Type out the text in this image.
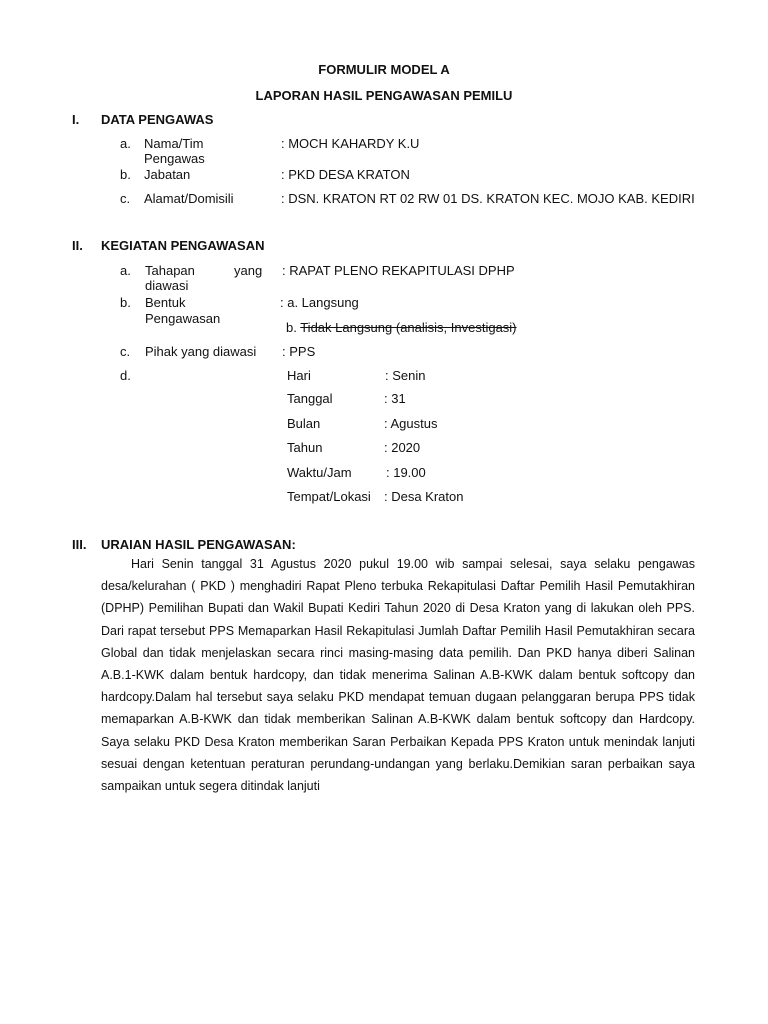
FORMULIR MODEL A
LAPORAN HASIL PENGAWASAN PEMILU
I. DATA PENGAWAS
a. Nama/Tim
Pengawas
: MOCH KAHARDY K.U
b. Jabatan	: PKD DESA KRATON
c. Alamat/Domisili	: DSN. KRATON RT 02 RW 01 DS. KRATON KEC. MOJO KAB. KEDIRI
II. KEGIATAN PENGAWASAN
a. Tahapan	yang
diawasi
: RAPAT PLENO REKAPITULASI DPHP
b. Bentuk
Pengawasan
: a. Langsung
b. Tidak Langsung (analisis, Investigasi)
c. Pihak yang diawasi : PPS
d.	Hari	: Senin
Tanggal	: 31
Bulan	: Agustus
Tahun	: 2020
Waktu/Jam	: 19.00
Tempat/Lokasi : Desa Kraton
III. URAIAN HASIL PENGAWASAN:

Hari Senin tanggal 31 Agustus 2020 pukul 19.00 wib sampai selesai, saya selaku pengawas desa/kelurahan ( PKD ) menghadiri Rapat Pleno terbuka Rekapitulasi Daftar Pemilih Hasil Pemutakhiran (DPHP) Pemilihan Bupati dan Wakil Bupati Kediri Tahun 2020 di Desa Kraton yang di lakukan oleh PPS. Dari rapat tersebut PPS Memaparkan Hasil Rekapitulasi Jumlah Daftar Pemilih Hasil Pemutakhiran secara Global dan tidak menjelaskan secara rinci masing-masing data pemilih. Dan PKD hanya diberi Salinan A.B.1-KWK dalam bentuk hardcopy, dan tidak menerima Salinan A.B-KWK dalam bentuk softcopy dan hardcopy.Dalam hal tersebut saya selaku PKD mendapat temuan dugaan pelanggaran berupa PPS tidak memaparkan A.B-KWK dan tidak memberikan Salinan A.B-KWK dalam bentuk softcopy dan Hardcopy. Saya selaku PKD Desa Kraton memberikan Saran Perbaikan Kepada PPS Kraton untuk menindak lanjuti sesuai dengan ketentuan peraturan perundang-undangan yang berlaku.Demikian saran perbaikan saya sampaikan untuk segera ditindak lanjuti
